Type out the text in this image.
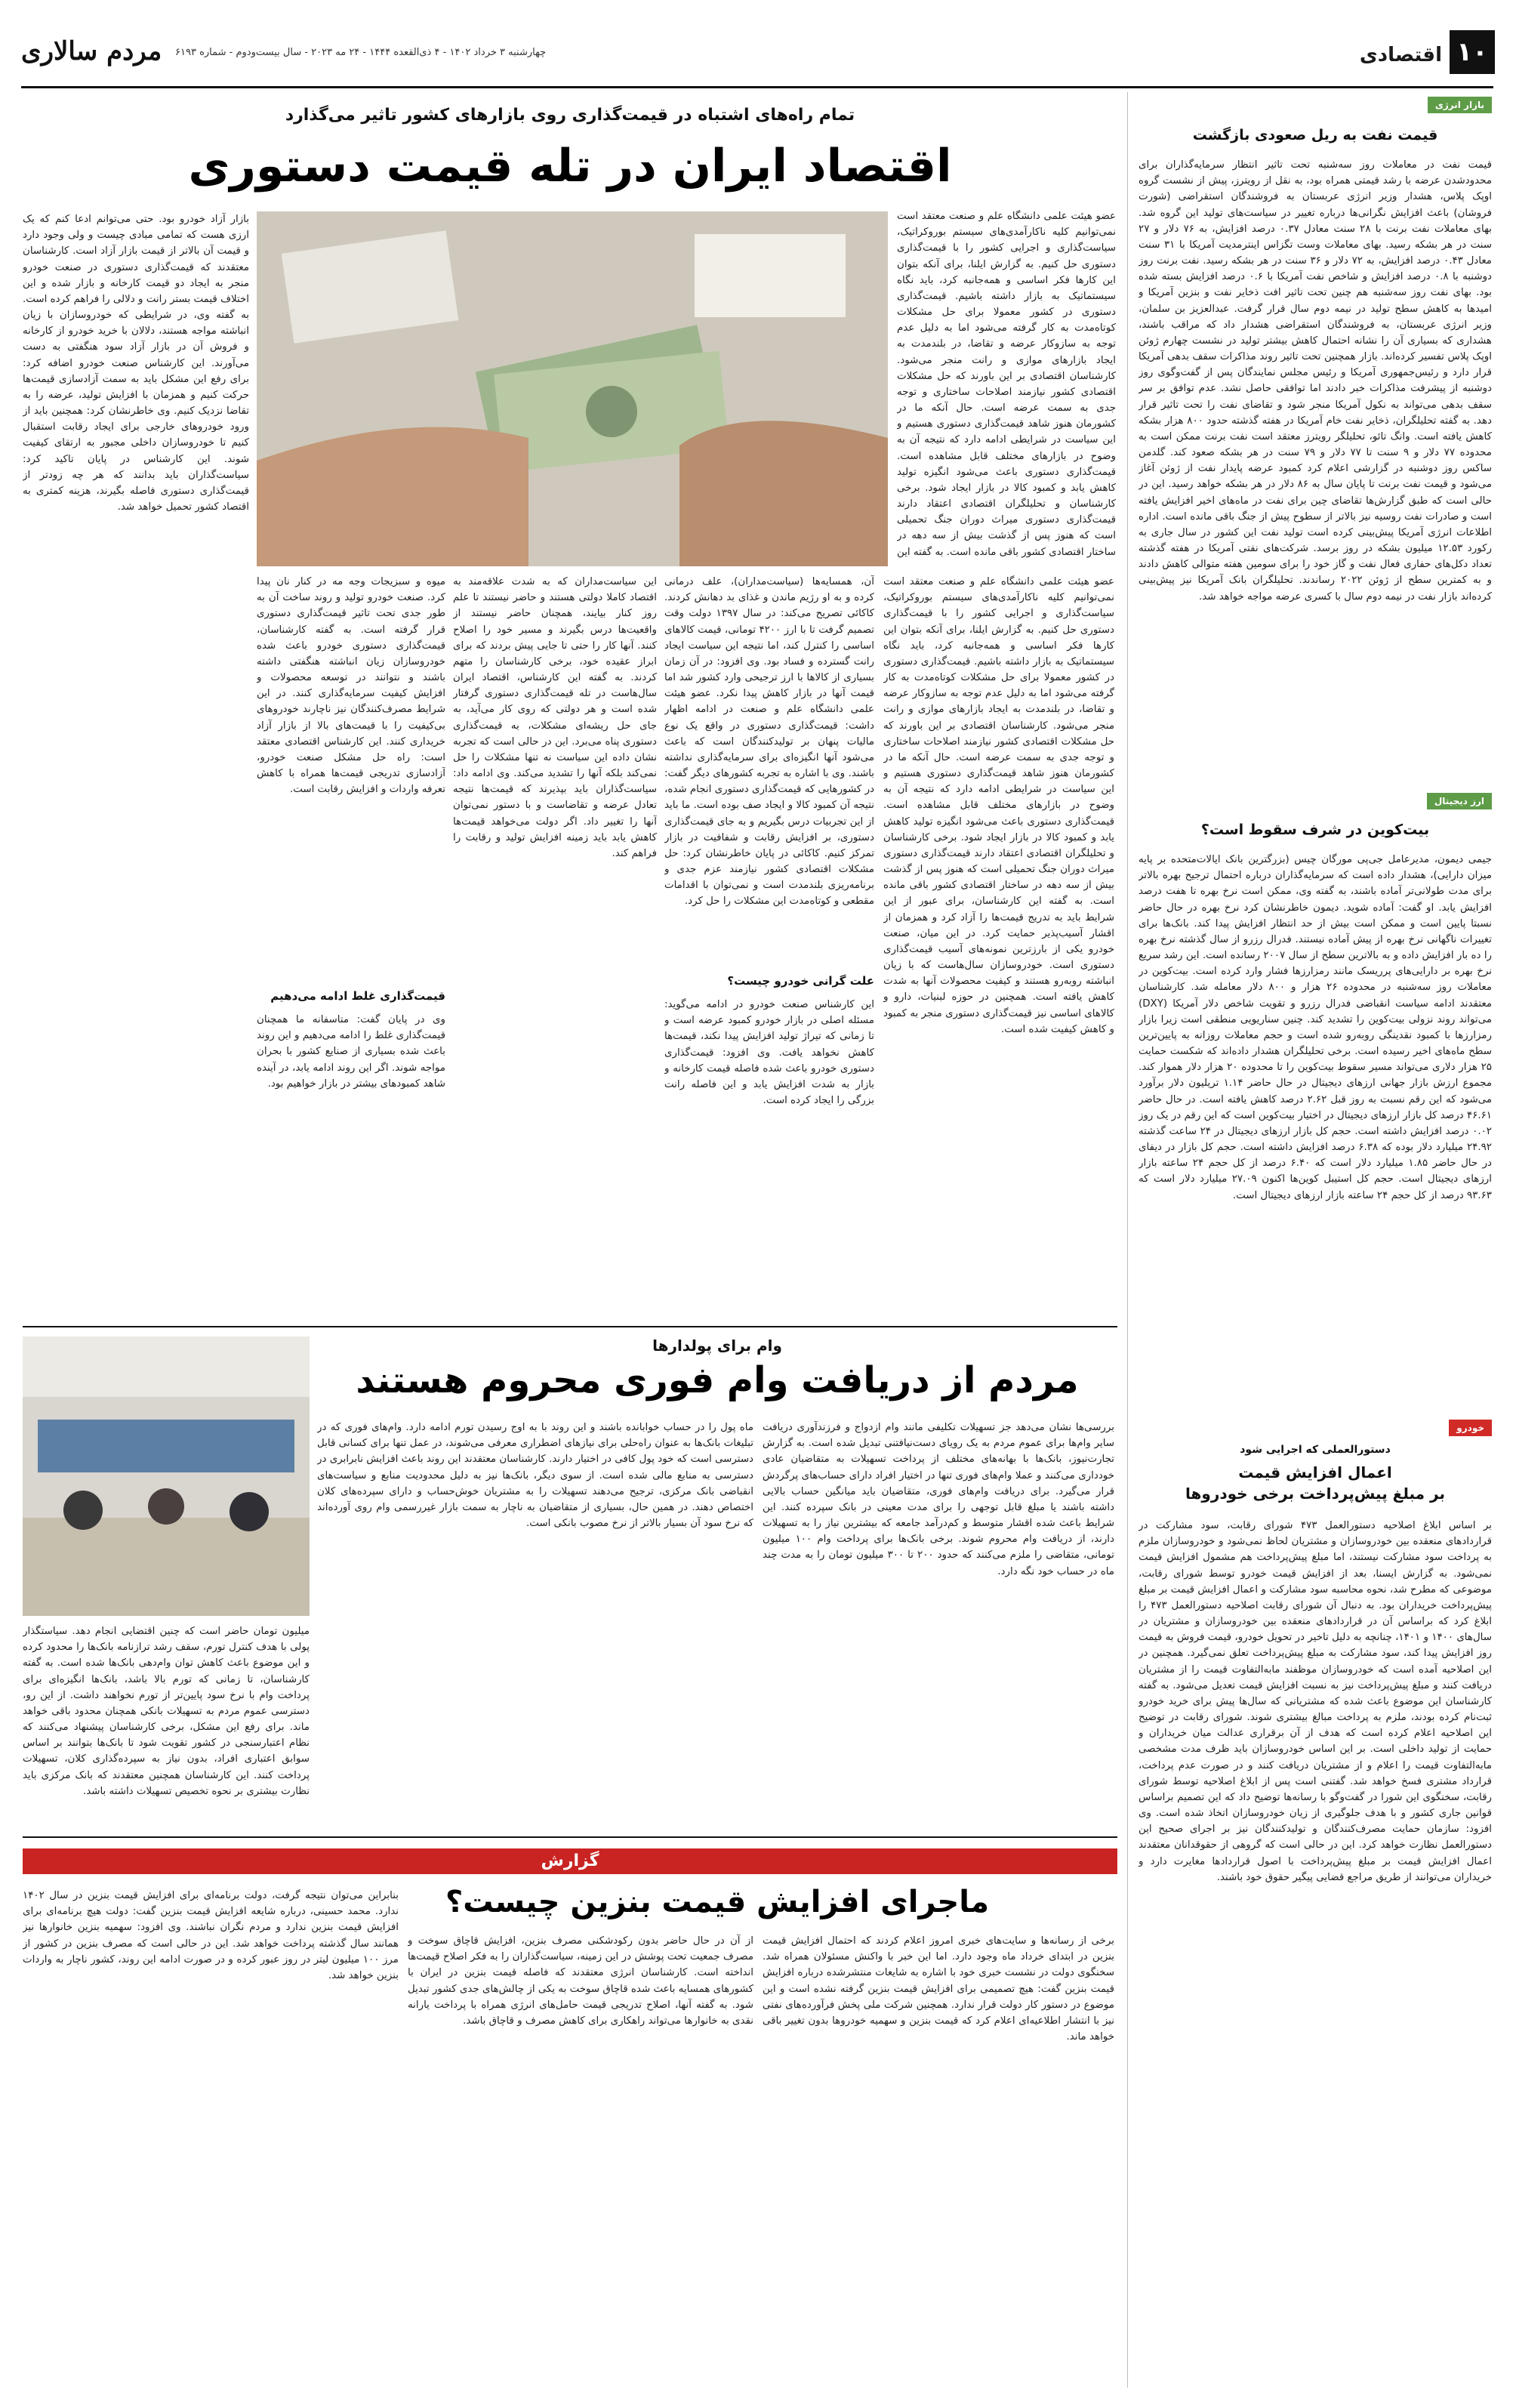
۱۰
اقتصادی
مردم سالاری چهارشنبه ۳ خرداد ۱۴۰۲ - ۴ ذی‌القعده ۱۴۴۴ - ۲۴ مه ۲۰۲۳ - سال بیست‌و‌دوم - شماره ۶۱۹۳
بازار انرژی
قیمت نفت به ریل صعودی بازگشت
قیمت نفت در معاملات روز سه‌شنبه تحت تاثیر انتظار سرمایه‌گذاران برای محدودشدن عرضه با رشد قیمتی همراه بود، به نقل از رویترز، پیش از نشست گروه اوپک پلاس، هشدار وزیر انرژی عربستان به فروشندگان استقراضی (شورت فروشان) باعث افزایش نگرانی‌ها درباره تغییر در سیاست‌های تولید این گروه شد. بهای معاملات نفت برنت با ۲۸ سنت معادل ۰.۳۷ درصد افزایش، به ۷۶ دلار و ۲۷ سنت در هر بشکه رسید. بهای معاملات وست تگزاس اینترمدیت آمریکا با ۳۱ سنت معادل ۰.۴۳ درصد افزایش، به ۷۲ دلار و ۳۶ سنت در هر بشکه رسید. نفت برنت روز دوشنبه با ۰.۸ درصد افزایش و شاخص نفت آمریکا با ۰.۶ درصد افزایش بسته شده بود. بهای نفت روز سه‌شنبه هم چنین تحت تاثیر افت ذخایر نفت و بنزین آمریکا و امیدها به کاهش سطح تولید در نیمه دوم سال قرار گرفت. عبدالعزیز بن سلمان، وزیر انرژی عربستان، به فروشندگان استقراضی هشدار داد که مراقب باشند، هشداری که بسیاری آن را نشانه احتمال کاهش بیشتر تولید در نشست چهارم ژوئن اوپک پلاس تفسیر کرده‌اند. بازار همچنین تحت تاثیر روند مذاکرات سقف بدهی آمریکا قرار دارد و رئیس‌جمهوری آمریکا و رئیس مجلس نمایندگان پس از گفت‌وگوی روز دوشنبه از پیشرفت مذاکرات خبر دادند اما توافقی حاصل نشد. عدم توافق بر سر سقف بدهی می‌تواند به نکول آمریکا منجر شود و تقاضای نفت را تحت تاثیر قرار دهد. به گفته تحلیلگران، ذخایر نفت خام آمریکا در هفته گذشته حدود ۸۰۰ هزار بشکه کاهش یافته است. وانگ تائو، تحلیلگر رویترز معتقد است نفت برنت ممکن است به محدوده ۷۷ دلار و ۹ سنت تا ۷۷ دلار و ۷۹ سنت در هر بشکه صعود کند. گلدمن ساکس روز دوشنبه در گزارشی اعلام کرد کمبود عرضه پایدار نفت از ژوئن آغاز می‌شود و قیمت نفت برنت تا پایان سال به ۸۶ دلار در هر بشکه خواهد رسید. این در حالی است که طبق گزارش‌ها تقاضای چین برای نفت در ماه‌های اخیر افزایش یافته است و صادرات نفت روسیه نیز بالاتر از سطوح پیش از جنگ باقی مانده است. اداره اطلاعات انرژی آمریکا پیش‌بینی کرده است تولید نفت این کشور در سال جاری به رکورد ۱۲.۵۳ میلیون بشکه در روز برسد. شرکت‌های نفتی آمریکا در هفته گذشته تعداد دکل‌های حفاری فعال نفت و گاز خود را برای سومین هفته متوالی کاهش دادند و به کمترین سطح از ژوئن ۲۰۲۲ رساندند. تحلیلگران بانک آمریکا نیز پیش‌بینی کرده‌اند بازار نفت در نیمه دوم سال با کسری عرضه مواجه خواهد شد.
ارز دیجیتال
بیت‌کوین در شرف سقوط است؟
جیمی دیمون، مدیرعامل جی‌پی مورگان چیس (بزرگترین بانک ایالات‌متحده بر پایه میزان دارایی)، هشدار داده است که سرمایه‌گذاران درباره احتمال ترجیح بهره بالاتر برای مدت طولانی‌تر آماده باشند، به گفته وی، ممکن است نرخ بهره تا هفت درصد افزایش یابد. او گفت: آماده شوید. دیمون خاطرنشان کرد نرخ بهره در حال حاضر نسبتا پایین است و ممکن است بیش از حد انتظار افزایش پیدا کند. بانک‌ها برای تغییرات ناگهانی نرخ بهره از پیش آماده نیستند. فدرال رزرو از سال گذشته نرخ بهره را ده بار افزایش داده و به بالاترین سطح از سال ۲۰۰۷ رسانده است. این رشد سریع نرخ بهره بر دارایی‌های پرریسک مانند رمزارزها فشار وارد کرده است. بیت‌کوین در معاملات روز سه‌شنبه در محدوده ۲۶ هزار و ۸۰۰ دلار معامله شد. کارشناسان معتقدند ادامه سیاست انقباضی فدرال رزرو و تقویت شاخص دلار آمریکا (DXY) می‌تواند روند نزولی بیت‌کوین را تشدید کند. چنین سناریویی منطقی است زیرا بازار رمزارزها با کمبود نقدینگی روبه‌رو شده است و حجم معاملات روزانه به پایین‌ترین سطح ماه‌های اخیر رسیده است. برخی تحلیلگران هشدار داده‌اند که شکست حمایت ۲۵ هزار دلاری می‌تواند مسیر سقوط بیت‌کوین را تا محدوده ۲۰ هزار دلار هموار کند. مجموع ارزش بازار جهانی ارزهای دیجیتال در حال حاضر ۱.۱۴ تریلیون دلار برآورد می‌شود که این رقم نسبت به روز قبل ۲.۶۲ درصد کاهش یافته است. در حال حاضر ۴۶.۶۱ درصد کل بازار ارزهای دیجیتال در اختیار بیت‌کوین است که این رقم در یک روز ۰.۰۲ درصد افزایش داشته است. حجم کل بازار ارزهای دیجیتال در ۲۴ ساعت گذشته ۲۴.۹۲ میلیارد دلار بوده که ۶.۳۸ درصد افزایش داشته است. حجم کل بازار در دیفای در حال حاضر ۱.۸۵ میلیارد دلار است که ۶.۴۰ درصد از کل حجم ۲۴ ساعته بازار ارزهای دیجیتال است. حجم کل استیبل کوین‌ها اکنون ۲۷.۰۹ میلیارد دلار است که ۹۳.۶۳ درصد از کل حجم ۲۴ ساعته بازار ارزهای دیجیتال است.
خودرو
دستورالعملی که اجرایی شود
اعمال افزایش قیمت
بر مبلغ پیش‌پرداخت برخی خودروها
بر اساس ابلاغ اصلاحیه دستورالعمل ۴۷۳ شورای رقابت، سود مشارکت در قراردادهای منعقده بین خودروسازان و مشتریان لحاظ نمی‌شود و خودروسازان ملزم به پرداخت سود مشارکت نیستند، اما مبلغ پیش‌پرداخت هم مشمول افزایش قیمت نمی‌شود. به گزارش ایسنا، بعد از افزایش قیمت خودرو توسط شورای رقابت، موضوعی که مطرح شد، نحوه محاسبه سود مشارکت و اعمال افزایش قیمت بر مبلغ پیش‌پرداخت خریداران بود. به دنبال آن شورای رقابت اصلاحیه دستورالعمل ۴۷۳ را ابلاغ کرد که براساس آن در قراردادهای منعقده بین خودروسازان و مشتریان در سال‌های ۱۴۰۰ و ۱۴۰۱، چنانچه به دلیل تاخیر در تحویل خودرو، قیمت فروش به قیمت روز افزایش پیدا کند، سود مشارکت به مبلغ پیش‌پرداخت تعلق نمی‌گیرد. همچنین در این اصلاحیه آمده است که خودروسازان موظفند مابه‌التفاوت قیمت را از مشتریان دریافت کنند و مبلغ پیش‌پرداخت نیز به نسبت افزایش قیمت تعدیل می‌شود. به گفته کارشناسان این موضوع باعث شده که مشتریانی که سال‌ها پیش برای خرید خودرو ثبت‌نام کرده بودند، ملزم به پرداخت مبالغ بیشتری شوند. شورای رقابت در توضیح این اصلاحیه اعلام کرده است که هدف از آن برقراری عدالت میان خریداران و حمایت از تولید داخلی است. بر این اساس خودروسازان باید ظرف مدت مشخصی مابه‌التفاوت قیمت را اعلام و از مشتریان دریافت کنند و در صورت عدم پرداخت، قرارداد مشتری فسخ خواهد شد. گفتنی است پس از ابلاغ اصلاحیه توسط شورای رقابت، سخنگوی این شورا در گفت‌وگو با رسانه‌ها توضیح داد که این تصمیم براساس قوانین جاری کشور و با هدف جلوگیری از زیان خودروسازان اتخاذ شده است. وی افزود: سازمان حمایت مصرف‌کنندگان و تولیدکنندگان نیز بر اجرای صحیح این دستورالعمل نظارت خواهد کرد. این در حالی است که گروهی از حقوقدانان معتقدند اعمال افزایش قیمت بر مبلغ پیش‌پرداخت با اصول قراردادها مغایرت دارد و خریداران می‌توانند از طریق مراجع قضایی پیگیر حقوق خود باشند.
تمام راه‌های اشتباه در قیمت‌گذاری روی بازارهای کشور تاثیر می‌گذارد
اقتصاد ایران در تله قیمت دستوری
عضو هیئت علمی دانشگاه علم و صنعت معتقد است نمی‌توانیم کلیه ناکارآمدی‌های سیستم بوروکراتیک، سیاست‌گذاری و اجرایی کشور را با قیمت‌گذاری دستوری حل کنیم. به گزارش ایلنا، برای آنکه بتوان این کارها فکر اساسی و همه‌جانبه کرد، باید نگاه سیستماتیک به بازار داشته باشیم. قیمت‌گذاری دستوری در کشور معمولا برای حل مشکلات کوتاه‌مدت به کار گرفته می‌شود اما به دلیل عدم توجه به سازوکار عرضه و تقاضا، در بلندمدت به ایجاد بازارهای موازی و رانت منجر می‌شود. کارشناسان اقتصادی بر این باورند که حل مشکلات اقتصادی کشور نیازمند اصلاحات ساختاری و توجه جدی به سمت عرضه است. حال آنکه ما در کشورمان هنوز شاهد قیمت‌گذاری دستوری هستیم و این سیاست در شرایطی ادامه دارد که نتیجه آن به وضوح در بازارهای مختلف قابل مشاهده است. قیمت‌گذاری دستوری باعث می‌شود انگیزه تولید کاهش یابد و کمبود کالا در بازار ایجاد شود. برخی کارشناسان و تحلیلگران اقتصادی اعتقاد دارند قیمت‌گذاری دستوری میراث دوران جنگ تحمیلی است که هنوز پس از گذشت بیش از سه دهه در ساختار اقتصادی کشور باقی مانده است. به گفته این
عضو هیئت علمی دانشگاه علم و صنعت معتقد است نمی‌توانیم کلیه ناکارآمدی‌های سیستم بوروکراتیک، سیاست‌گذاری و اجرایی کشور را با قیمت‌گذاری دستوری حل کنیم. به گزارش ایلنا، برای آنکه بتوان این کارها فکر اساسی و همه‌جانبه کرد، باید نگاه سیستماتیک به بازار داشته باشیم. قیمت‌گذاری دستوری در کشور معمولا برای حل مشکلات کوتاه‌مدت به کار گرفته می‌شود اما به دلیل عدم توجه به سازوکار عرضه و تقاضا، در بلندمدت به ایجاد بازارهای موازی و رانت منجر می‌شود. کارشناسان اقتصادی بر این باورند که حل مشکلات اقتصادی کشور نیازمند اصلاحات ساختاری و توجه جدی به سمت عرضه است. حال آنکه ما در کشورمان هنوز شاهد قیمت‌گذاری دستوری هستیم و این سیاست در شرایطی ادامه دارد که نتیجه آن به وضوح در بازارهای مختلف قابل مشاهده است. قیمت‌گذاری دستوری باعث می‌شود انگیزه تولید کاهش یابد و کمبود کالا در بازار ایجاد شود. برخی کارشناسان و تحلیلگران اقتصادی اعتقاد دارند قیمت‌گذاری دستوری میراث دوران جنگ تحمیلی است که هنوز پس از گذشت بیش از سه دهه در ساختار اقتصادی کشور باقی مانده است. به گفته این کارشناسان، برای عبور از این شرایط باید به تدریج قیمت‌ها را آزاد کرد و همزمان از اقشار آسیب‌پذیر حمایت کرد. در این میان، صنعت خودرو یکی از بارزترین نمونه‌های آسیب قیمت‌گذاری دستوری است. خودروسازان سال‌هاست که با زیان انباشته روبه‌رو هستند و کیفیت محصولات آنها به شدت کاهش یافته است. همچنین در حوزه لبنیات، دارو و کالاهای اساسی نیز قیمت‌گذاری دستوری منجر به کمبود و کاهش کیفیت شده است.
آن، همسایه‌ها (سیاست‌مداران)، علف درمانی کرده و به او رژیم ماندن و غذای بد دهانش کردند. کاکائی تصریح می‌کند: در سال ۱۳۹۷ دولت وقت تصمیم گرفت تا با ارز ۴۲۰۰ تومانی، قیمت کالاهای اساسی را کنترل کند، اما نتیجه این سیاست ایجاد رانت گسترده و فساد بود. وی افزود: در آن زمان بسیاری از کالاها با ارز ترجیحی وارد کشور شد اما قیمت آنها در بازار کاهش پیدا نکرد. عضو هیئت علمی دانشگاه علم و صنعت در ادامه اظهار داشت: قیمت‌گذاری دستوری در واقع یک نوع مالیات پنهان بر تولیدکنندگان است که باعث می‌شود آنها انگیزه‌ای برای سرمایه‌گذاری نداشته باشند. وی با اشاره به تجربه کشورهای دیگر گفت: در کشورهایی که قیمت‌گذاری دستوری انجام شده، نتیجه آن کمبود کالا و ایجاد صف بوده است. ما باید از این تجربیات درس بگیریم و به جای قیمت‌گذاری دستوری، بر افزایش رقابت و شفافیت در بازار تمرکز کنیم. کاکائی در پایان خاطرنشان کرد: حل مشکلات اقتصادی کشور نیازمند عزم جدی و برنامه‌ریزی بلندمدت است و نمی‌توان با اقدامات مقطعی و کوتاه‌مدت این مشکلات را حل کرد.
علت گرانی خودرو چیست؟
این کارشناس صنعت خودرو در ادامه می‌گوید: مسئله اصلی در بازار خودرو کمبود عرضه است و تا زمانی که تیراژ تولید افزایش پیدا نکند، قیمت‌ها کاهش نخواهد یافت. وی افزود: قیمت‌گذاری دستوری خودرو باعث شده فاصله قیمت کارخانه و بازار به شدت افزایش یابد و این فاصله رانت بزرگی را ایجاد کرده است.
این سیاست‌مداران که به شدت علاقه‌مند به اقتصاد کاملا دولتی هستند و حاضر نیستند تا علم روز کنار بیایند، همچنان حاضر نیستند از واقعیت‌ها درس بگیرند و مسیر خود را اصلاح کنند. آنها کار را حتی تا جایی پیش بردند که برای ابراز عقیده خود، برخی کارشناسان را متهم کردند. به گفته این کارشناس، اقتصاد ایران سال‌هاست در تله قیمت‌گذاری دستوری گرفتار شده است و هر دولتی که روی کار می‌آید، به جای حل ریشه‌ای مشکلات، به قیمت‌گذاری دستوری پناه می‌برد. این در حالی است که تجربه نشان داده این سیاست نه تنها مشکلات را حل نمی‌کند بلکه آنها را تشدید می‌کند. وی ادامه داد: سیاست‌گذاران باید بپذیرند که قیمت‌ها نتیجه تعادل عرضه و تقاضاست و با دستور نمی‌توان آنها را تغییر داد. اگر دولت می‌خواهد قیمت‌ها کاهش یابد باید زمینه افزایش تولید و رقابت را فراهم کند.
میوه و سبزیجات وجه مه در کنار نان پیدا کرد. صنعت خودرو تولید و روند ساخت آن به طور جدی تحت تاثیر قیمت‌گذاری دستوری قرار گرفته است. به گفته کارشناسان، قیمت‌گذاری دستوری خودرو باعث شده خودروسازان زیان انباشته هنگفتی داشته باشند و نتوانند در توسعه محصولات و افزایش کیفیت سرمایه‌گذاری کنند. در این شرایط مصرف‌کنندگان نیز ناچارند خودروهای بی‌کیفیت را با قیمت‌های بالا از بازار آزاد خریداری کنند. این کارشناس اقتصادی معتقد است: راه حل مشکل صنعت خودرو، آزادسازی تدریجی قیمت‌ها همراه با کاهش تعرفه واردات و افزایش رقابت است.
قیمت‌گذاری غلط ادامه می‌دهیم
وی در پایان گفت: متاسفانه ما همچنان قیمت‌گذاری غلط را ادامه می‌دهیم و این روند باعث شده بسیاری از صنایع کشور با بحران مواجه شوند. اگر این روند ادامه یابد، در آینده شاهد کمبودهای بیشتر در بازار خواهیم بود.
بازار آزاد خودرو بود. حتی می‌توانم ادعا کنم که یک ارزی هست که تمامی مبادی چیست و ولی وجود دارد و قیمت آن بالاتر از قیمت بازار آزاد است. کارشناسان معتقدند که قیمت‌گذاری دستوری در صنعت خودرو منجر به ایجاد دو قیمت کارخانه و بازار شده و این اختلاف قیمت بستر رانت و دلالی را فراهم کرده است. به گفته وی، در شرایطی که خودروسازان با زیان انباشته مواجه هستند، دلالان با خرید خودرو از کارخانه و فروش آن در بازار آزاد سود هنگفتی به دست می‌آورند. این کارشناس صنعت خودرو اضافه کرد: برای رفع این مشکل باید به سمت آزادسازی قیمت‌ها حرکت کنیم و همزمان با افزایش تولید، عرضه را به تقاضا نزدیک کنیم. وی خاطرنشان کرد: همچنین باید از ورود خودروهای خارجی برای ایجاد رقابت استقبال کنیم تا خودروسازان داخلی مجبور به ارتقای کیفیت شوند. این کارشناس در پایان تاکید کرد: سیاست‌گذاران باید بدانند که هر چه زودتر از قیمت‌گذاری دستوری فاصله بگیرند، هزینه کمتری به اقتصاد کشور تحمیل خواهد شد.
وام برای پولدارها
مردم از دریافت وام فوری محروم هستند
بررسی‌ها نشان می‌دهد جز تسهیلات تکلیفی مانند وام ازدواج و فرزندآوری دریافت سایر وام‌ها برای عموم مردم به یک رویای دست‌نیافتنی تبدیل شده است. به گزارش تجارت‌نیوز، بانک‌ها با بهانه‌های مختلف از پرداخت تسهیلات به متقاضیان عادی خودداری می‌کنند و عملا وام‌های فوری تنها در اختیار افراد دارای حساب‌های پرگردش قرار می‌گیرد. برای دریافت وام‌های فوری، متقاضیان باید میانگین حساب بالایی داشته باشند یا مبلغ قابل توجهی را برای مدت معینی در بانک سپرده کنند. این شرایط باعث شده اقشار متوسط و کم‌درآمد جامعه که بیشترین نیاز را به تسهیلات دارند، از دریافت وام محروم شوند. برخی بانک‌ها برای پرداخت وام ۱۰۰ میلیون تومانی، متقاضی را ملزم می‌کنند که حدود ۲۰۰ تا ۳۰۰ میلیون تومان را به مدت چند ماه در حساب خود نگه دارد.
ماه پول را در حساب خوابانده باشند و این روند با به اوج رسیدن تورم ادامه دارد. وام‌های فوری که در تبلیغات بانک‌ها به عنوان راه‌حلی برای نیازهای اضطراری معرفی می‌شوند، در عمل تنها برای کسانی قابل دسترسی است که خود پول کافی در اختیار دارند. کارشناسان معتقدند این روند باعث افزایش نابرابری در دسترسی به منابع مالی شده است. از سوی دیگر، بانک‌ها نیز به دلیل محدودیت منابع و سیاست‌های انقباضی بانک مرکزی، ترجیح می‌دهند تسهیلات را به مشتریان خوش‌حساب و دارای سپرده‌های کلان اختصاص دهند. در همین حال، بسیاری از متقاضیان به ناچار به سمت بازار غیررسمی وام روی آورده‌اند که نرخ سود آن بسیار بالاتر از نرخ مصوب بانکی است.
میلیون تومان حاضر است که چنین اقتضایی انجام دهد. سیاستگذار پولی با هدف کنترل تورم، سقف رشد ترازنامه بانک‌ها را محدود کرده و این موضوع باعث کاهش توان وام‌دهی بانک‌ها شده است. به گفته کارشناسان، تا زمانی که تورم بالا باشد، بانک‌ها انگیزه‌ای برای پرداخت وام با نرخ سود پایین‌تر از تورم نخواهند داشت. از این رو، دسترسی عموم مردم به تسهیلات بانکی همچنان محدود باقی خواهد ماند. برای رفع این مشکل، برخی کارشناسان پیشنهاد می‌کنند که نظام اعتبارسنجی در کشور تقویت شود تا بانک‌ها بتوانند بر اساس سوابق اعتباری افراد، بدون نیاز به سپرده‌گذاری کلان، تسهیلات پرداخت کنند. این کارشناسان همچنین معتقدند که بانک مرکزی باید نظارت بیشتری بر نحوه تخصیص تسهیلات داشته باشد.
گزارش
ماجرای افزایش قیمت بنزین چیست؟
برخی از رسانه‌ها و سایت‌های خبری امروز اعلام کردند که احتمال افزایش قیمت بنزین در ابتدای خرداد ماه وجود دارد. اما این خبر با واکنش مسئولان همراه شد. سخنگوی دولت در نشست خبری خود با اشاره به شایعات منتشرشده درباره افزایش قیمت بنزین گفت: هیچ تصمیمی برای افزایش قیمت بنزین گرفته نشده است و این موضوع در دستور کار دولت قرار ندارد. همچنین شرکت ملی پخش فرآورده‌های نفتی نیز با انتشار اطلاعیه‌ای اعلام کرد که قیمت بنزین و سهمیه خودروها بدون تغییر باقی خواهد ماند.
از آن در حال حاضر بدون رکودشکنی مصرف بنزین، افزایش قاچاق سوخت و مصرف جمعیت تحت پوشش در این زمینه، سیاست‌گذاران را به فکر اصلاح قیمت‌ها انداخته است. کارشناسان انرژی معتقدند که فاصله قیمت بنزین در ایران با کشورهای همسایه باعث شده قاچاق سوخت به یکی از چالش‌های جدی کشور تبدیل شود. به گفته آنها، اصلاح تدریجی قیمت حامل‌های انرژی همراه با پرداخت یارانه نقدی به خانوارها می‌تواند راهکاری برای کاهش مصرف و قاچاق باشد.
بنابراین می‌توان نتیجه گرفت، دولت برنامه‌ای برای افزایش قیمت بنزین در سال ۱۴۰۲ ندارد. محمد حسینی، درباره شایعه افزایش قیمت بنزین گفت: دولت هیچ برنامه‌ای برای افزایش قیمت بنزین ندارد و مردم نگران نباشند. وی افزود: سهمیه بنزین خانوارها نیز همانند سال گذشته پرداخت خواهد شد. این در حالی است که مصرف بنزین در کشور از مرز ۱۰۰ میلیون لیتر در روز عبور کرده و در صورت ادامه این روند، کشور ناچار به واردات بنزین خواهد شد.
